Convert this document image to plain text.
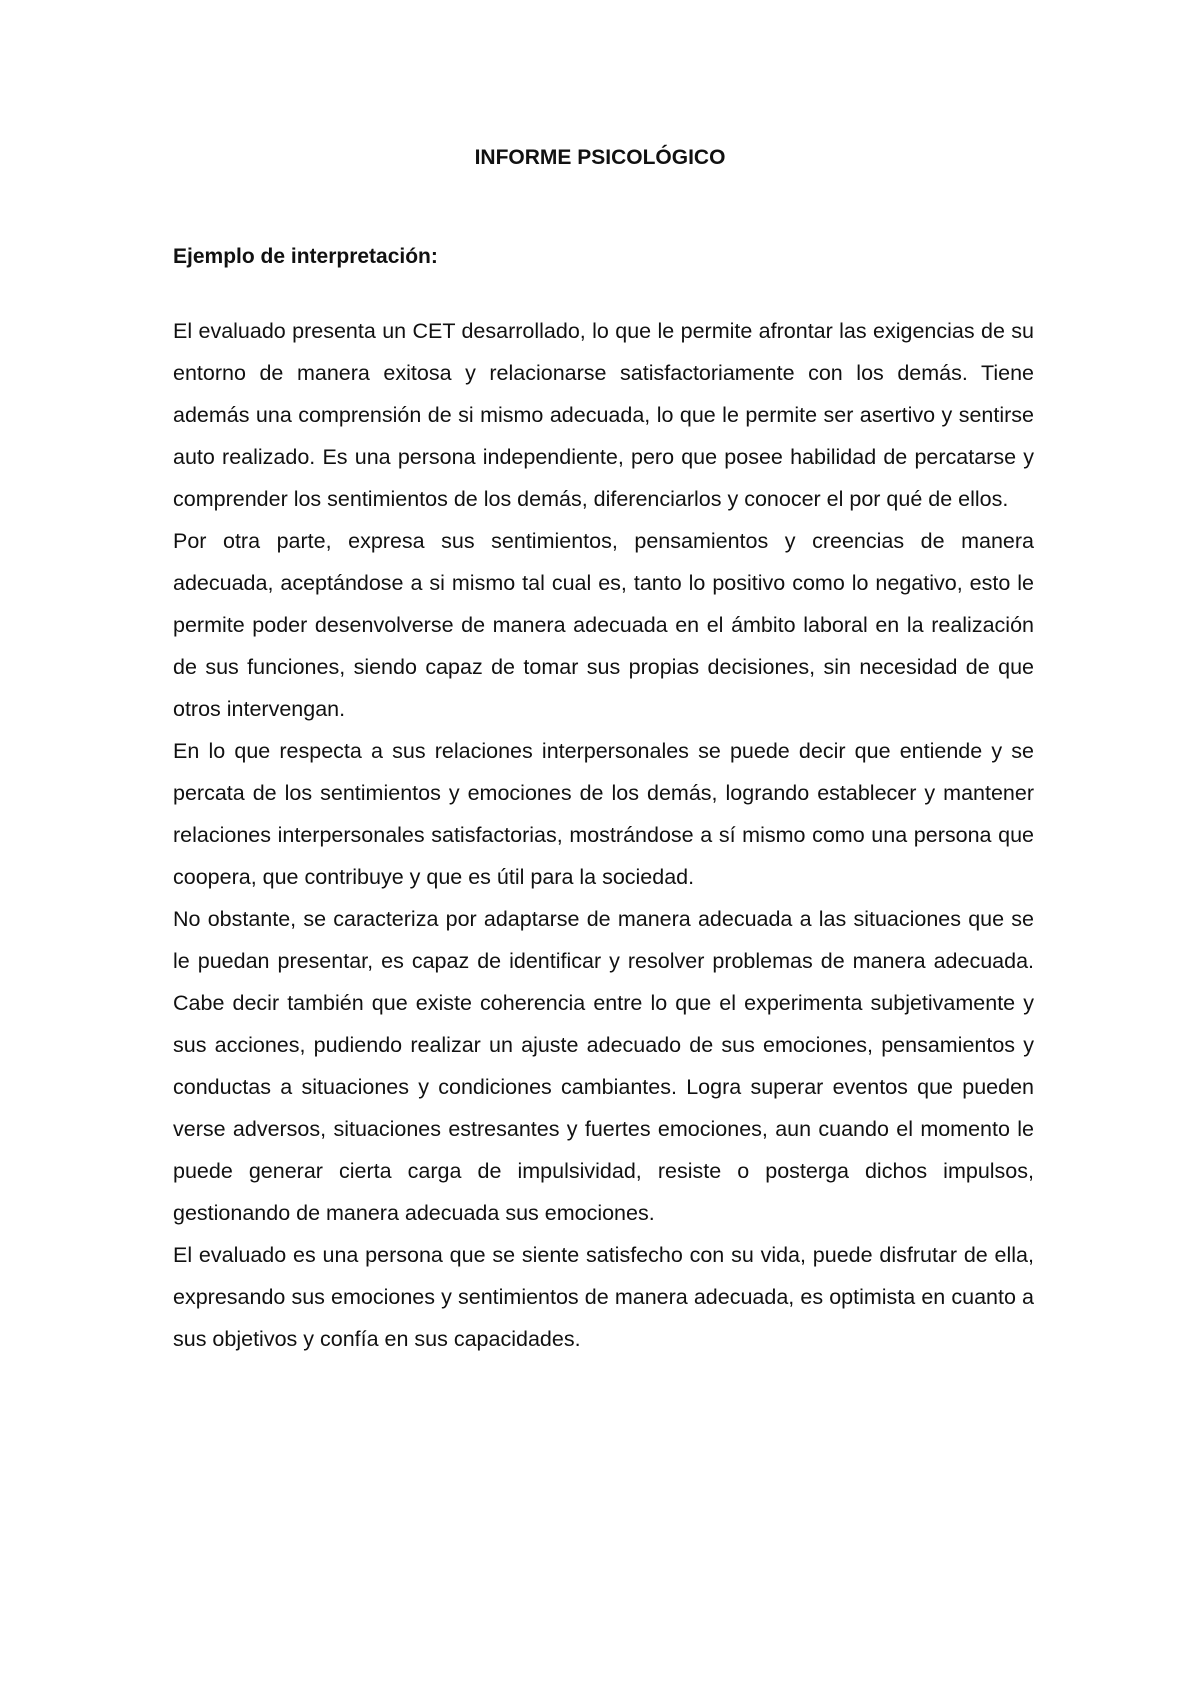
INFORME PSICOLÓGICO
Ejemplo de interpretación:

El evaluado presenta un CET desarrollado, lo que le permite afrontar las exigencias de su entorno de manera exitosa y relacionarse satisfactoriamente con los demás. Tiene además una comprensión de si mismo adecuada, lo que le permite ser asertivo y sentirse auto realizado. Es una persona independiente, pero que posee habilidad de percatarse y comprender los sentimientos de los demás, diferenciarlos y conocer el por qué de ellos.

Por otra parte, expresa sus sentimientos, pensamientos y creencias de manera adecuada, aceptándose a si mismo tal cual es, tanto lo positivo como lo negativo, esto le permite poder desenvolverse de manera adecuada en el ámbito laboral en la realización de sus funciones, siendo capaz de tomar sus propias decisiones, sin necesidad de que otros intervengan.

En lo que respecta a sus relaciones interpersonales se puede decir que entiende y se percata de los sentimientos y emociones de los demás, logrando establecer y mantener relaciones interpersonales satisfactorias, mostrándose a sí mismo como una persona que coopera, que contribuye y que es útil para la sociedad.

No obstante, se caracteriza por adaptarse de manera adecuada a las situaciones que se le puedan presentar, es capaz de identificar y resolver problemas de manera adecuada. Cabe decir también que existe coherencia entre lo que el experimenta subjetivamente y sus acciones, pudiendo realizar un ajuste adecuado de sus emociones, pensamientos y conductas a situaciones y condiciones cambiantes. Logra superar eventos que pueden verse adversos, situaciones estresantes y fuertes emociones, aun cuando el momento le puede generar cierta carga de impulsividad, resiste o posterga dichos impulsos, gestionando de manera adecuada sus emociones.

El evaluado es una persona que se siente satisfecho con su vida, puede disfrutar de ella, expresando sus emociones y sentimientos de manera adecuada, es optimista en cuanto a sus objetivos y confía en sus capacidades.
